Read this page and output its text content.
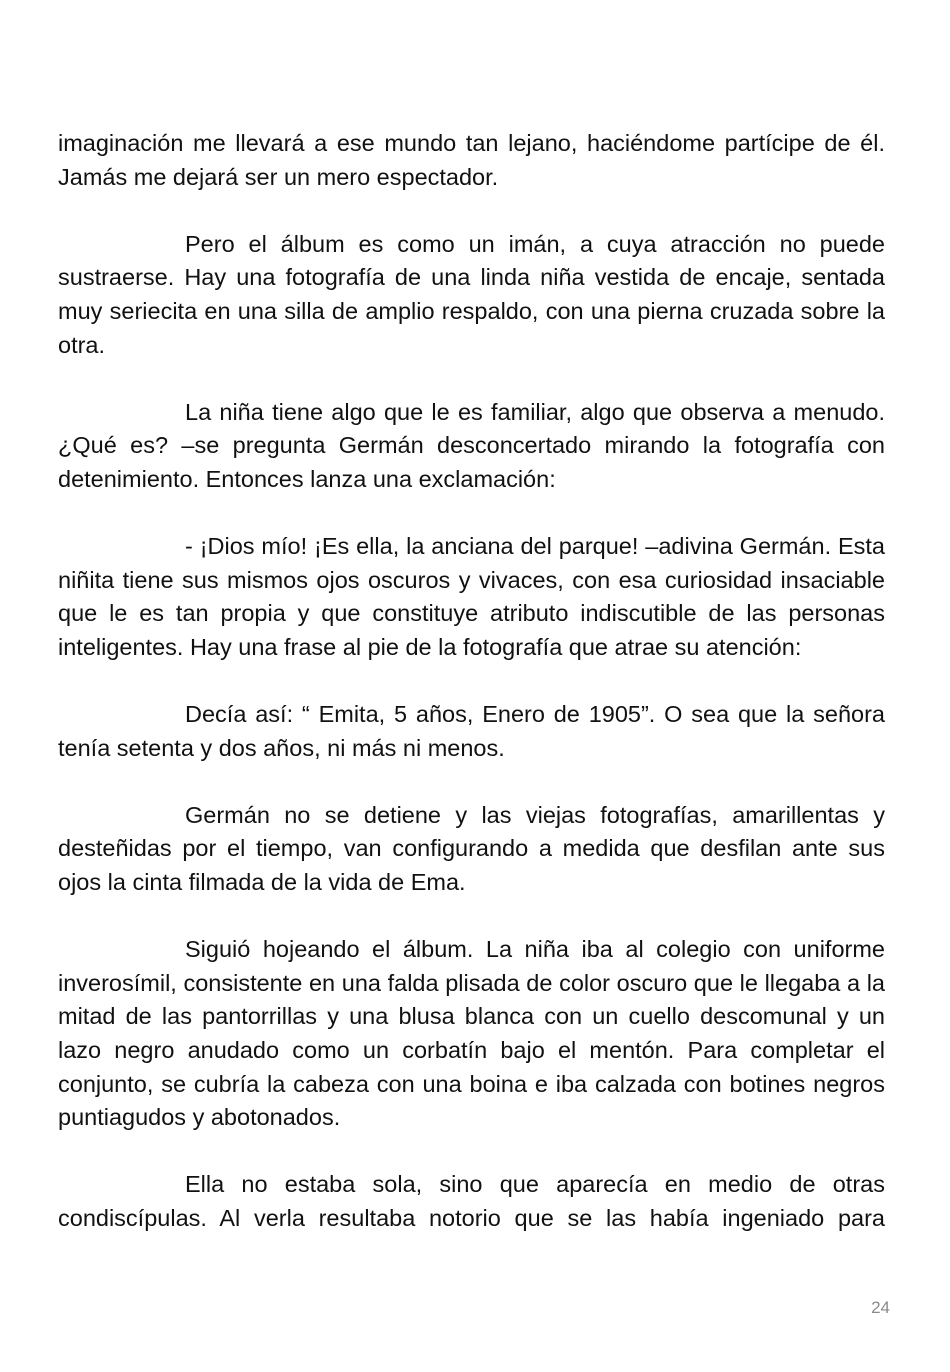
imaginación me llevará a ese mundo tan lejano, haciéndome partícipe de él. Jamás me dejará ser un mero espectador.

Pero el álbum es como un imán, a cuya atracción no puede sustraerse. Hay una fotografía de una linda niña vestida de encaje, sentada muy seriecita en una silla de amplio respaldo, con una pierna cruzada sobre la otra.

La niña tiene algo que le es familiar, algo que observa a menudo. ¿Qué es? –se pregunta Germán desconcertado mirando la fotografía con detenimiento. Entonces lanza una exclamación:

- ¡Dios mío! ¡Es ella, la anciana del parque! –adivina Germán. Esta niñita tiene sus mismos ojos oscuros y vivaces, con esa curiosidad insaciable que le es tan propia y que constituye atributo indiscutible de las personas inteligentes. Hay una frase al pie de la fotografía que atrae su atención:

Decía así: “ Emita, 5 años, Enero de 1905”. O sea que la señora tenía setenta y dos años, ni más ni menos.

Germán no se detiene y las viejas fotografías, amarillentas y desteñidas por el tiempo, van configurando a medida que desfilan ante sus ojos la cinta filmada de la vida de Ema.

Siguió hojeando el álbum. La niña iba al colegio con uniforme inverosímil, consistente en una falda plisada de color oscuro que le llegaba a la mitad de las pantorrillas y una blusa blanca con un cuello descomunal y un lazo negro anudado como un corbatín bajo el mentón. Para completar el conjunto, se cubría la cabeza con una boina e iba calzada con botines negros puntiagudos y abotonados.

Ella no estaba sola, sino que aparecía en medio de otras condiscípulas. Al verla resultaba notorio que se las había ingeniado para

24
